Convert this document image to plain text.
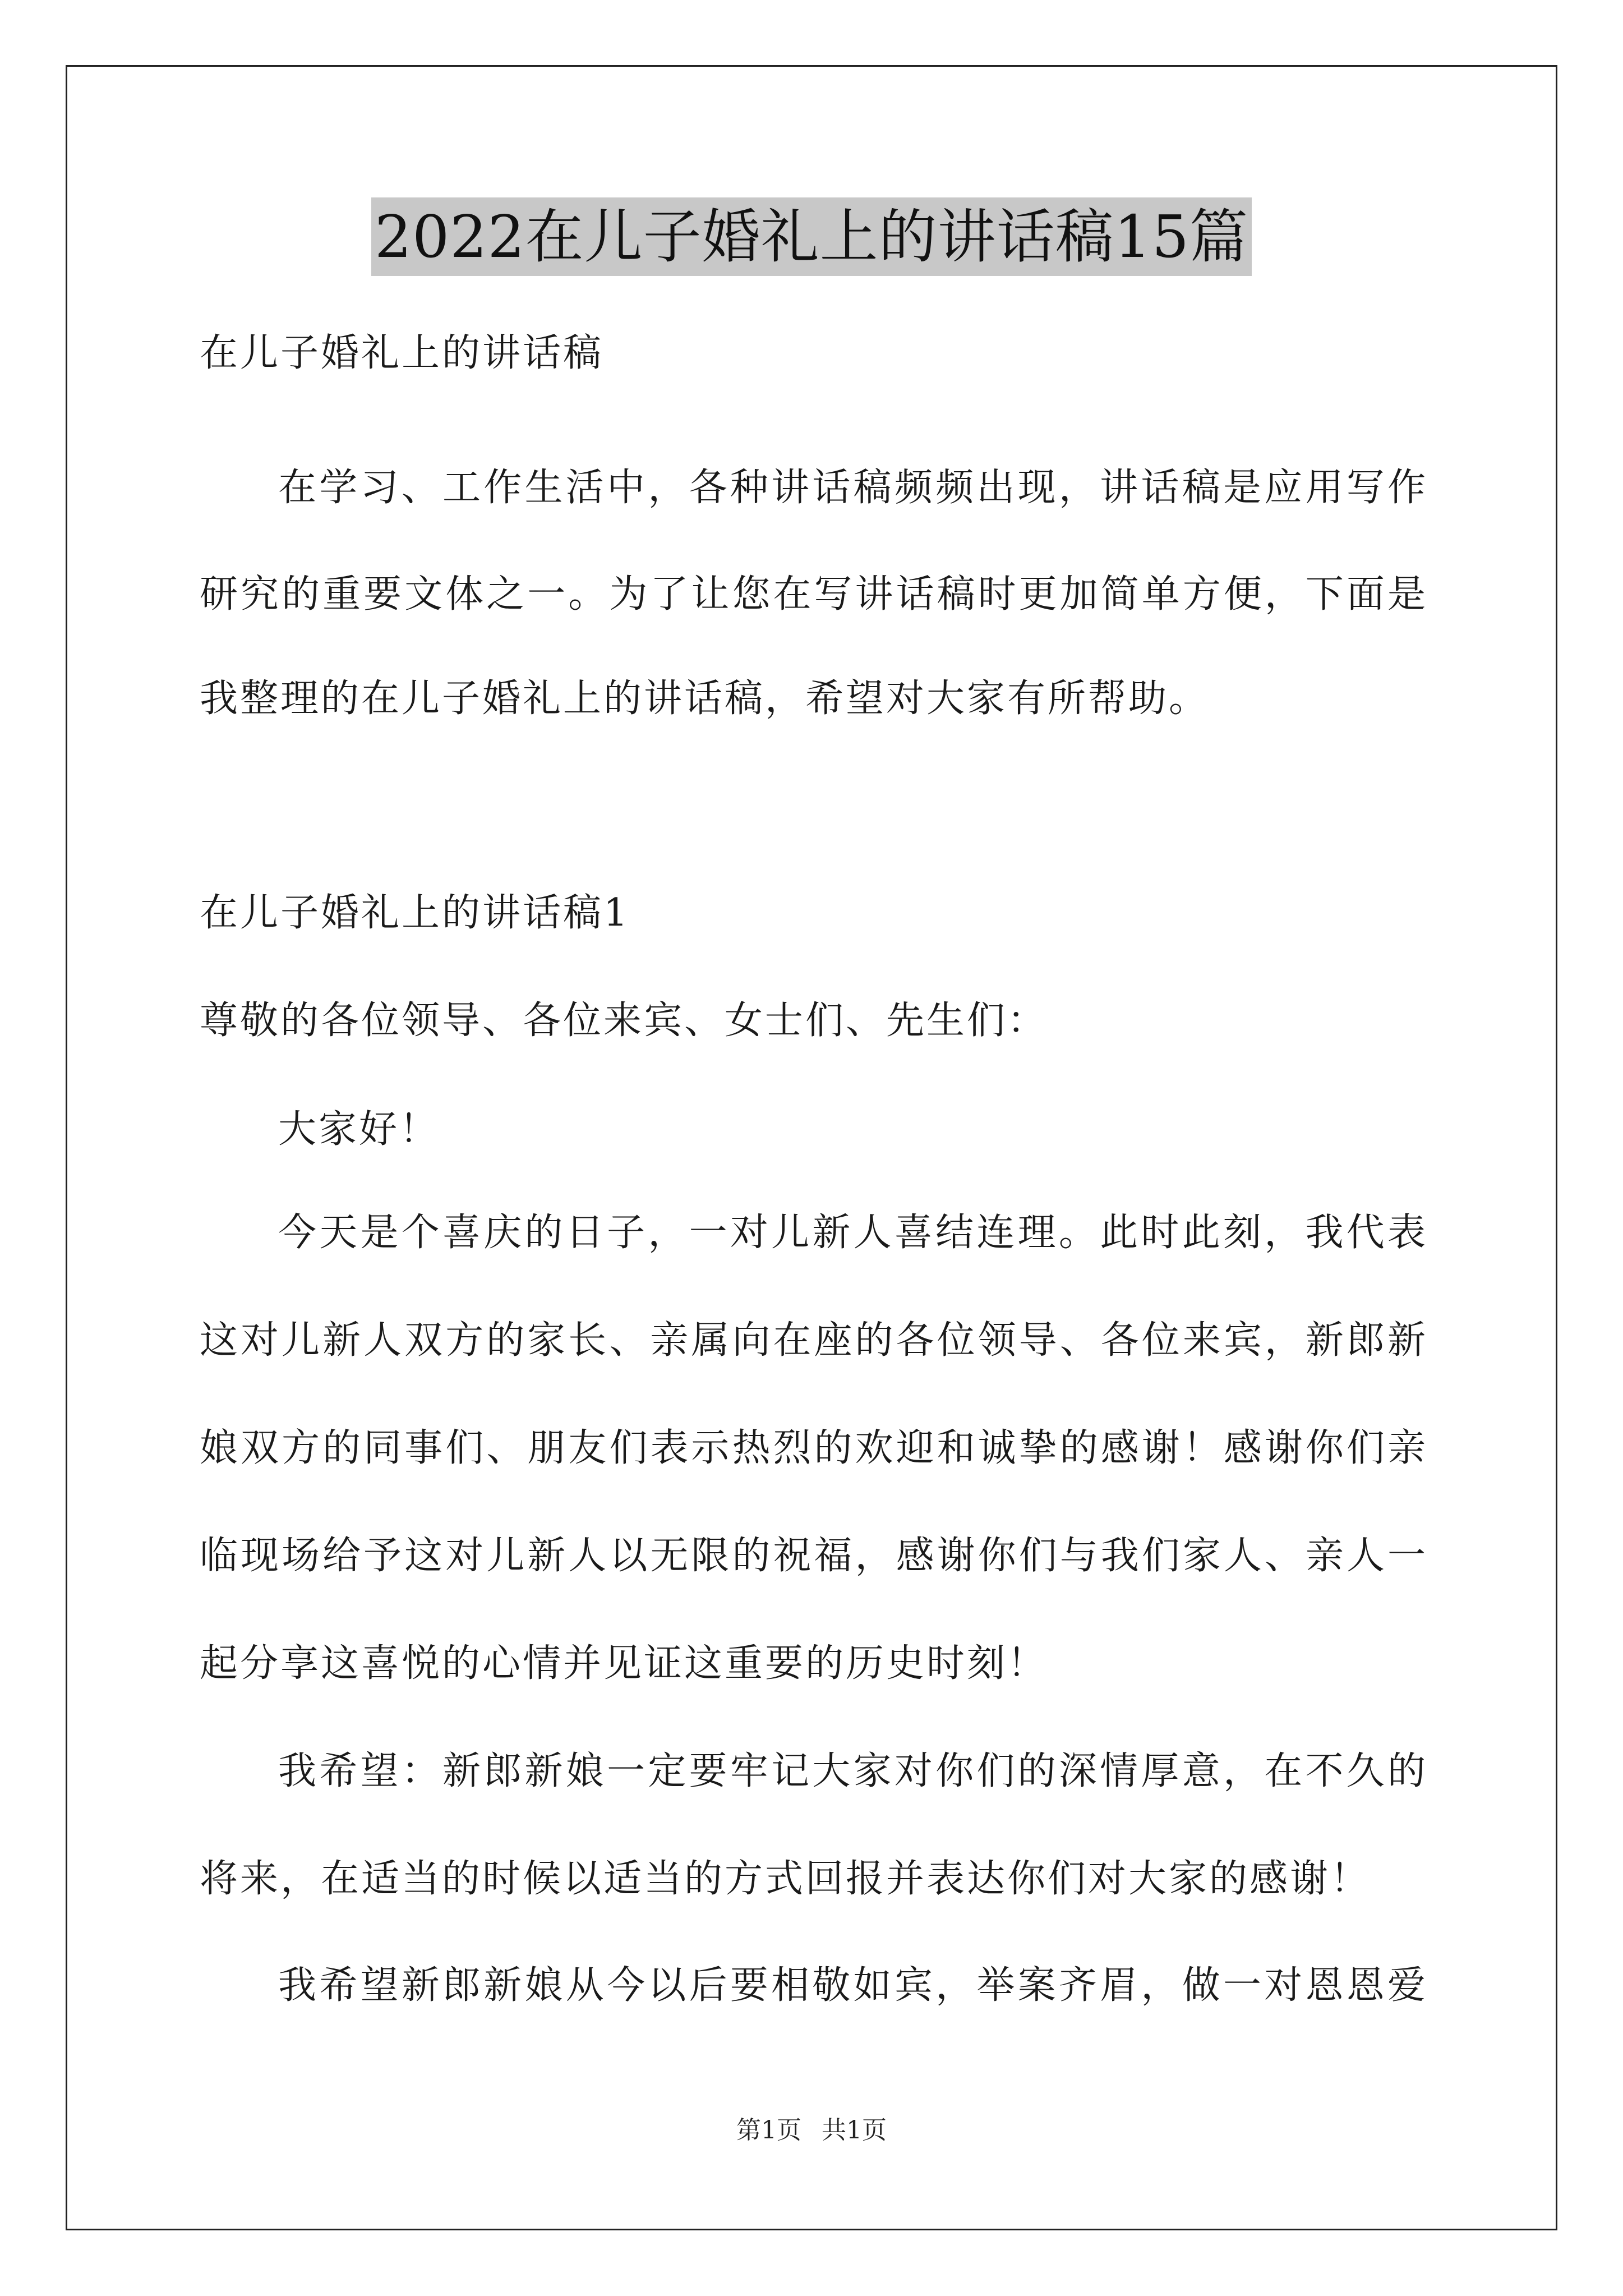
2022在儿子婚礼上的讲话稿15篇
在儿子婚礼上的讲话稿
在学习、工作生活中，各种讲话稿频频出现，讲话稿是应用写作
研究的重要文体之一。为了让您在写讲话稿时更加简单方便，下面是
我整理的在儿子婚礼上的讲话稿，希望对大家有所帮助。
在儿子婚礼上的讲话稿1
尊敬的各位领导、各位来宾、女士们、先生们：
大家好！
今天是个喜庆的日子，一对儿新人喜结连理。此时此刻，我代表
这对儿新人双方的家长、亲属向在座的各位领导、各位来宾，新郎新
娘双方的同事们、朋友们表示热烈的欢迎和诚挚的感谢！感谢你们亲
临现场给予这对儿新人以无限的祝福，感谢你们与我们家人、亲人一
起分享这喜悦的心情并见证这重要的历史时刻！
我希望：新郎新娘一定要牢记大家对你们的深情厚意，在不久的
将来，在适当的时候以适当的方式回报并表达你们对大家的感谢！
我希望新郎新娘从今以后要相敬如宾，举案齐眉，做一对恩恩爱
第1页 共1页
